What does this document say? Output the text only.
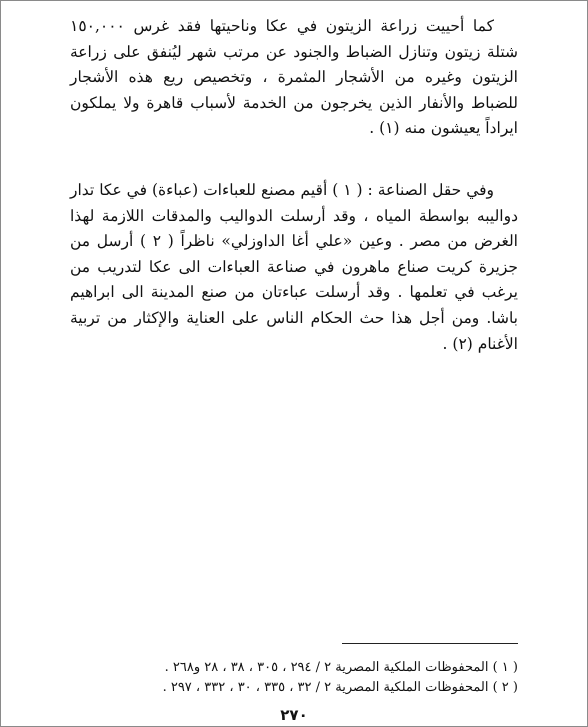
كما أحييت زراعة الزيتون في عكا وناحيتها فقد غرس ١٥٠,٠٠٠ شتلة زيتون وتنازل الضباط والجنود عن مرتب شهر ليُنفق على زراعة الزيتون وغيره من الأشجار المثمرة ، وتخصيص ريع هذه الأشجار للضباط والأنفار الذين يخرجون من الخدمة لأسباب قاهرة ولا يملكون ايراداً يعيشون منه (١) .

وفي حقل الصناعة : ( ١ ) أقيم مصنع للعباءات (عباءة) في عكا تدار دواليبه بواسطة المياه ، وقد أرسلت الدواليب والمدقات اللازمة لهذا الغرض من مصر . وعين «علي أغا الداوزلي» ناظراً ( ٢ ) أرسل من جزيرة كريت صناع ماهرون في صناعة العباءات الى عكا لتدريب من يرغب في تعلمها . وقد أرسلت عباءتان من صنع المدينة الى ابراهيم باشا. ومن أجل هذا حث الحكام الناس على العناية والإكثار من تربية الأغنام (٢) .

( ١ ) المحفوظات الملكية المصرية ٢ / ٢٩٤ ، ٣٠٥ ، ٣٨ ، ٢٨ و٢٦٨ .
( ٢ ) المحفوظات الملكية المصرية ٢ / ٣٢ ، ٣٣٥ ، ٣٠ ، ٣٣٢ ، ٢٩٧ .
٢٧٠
